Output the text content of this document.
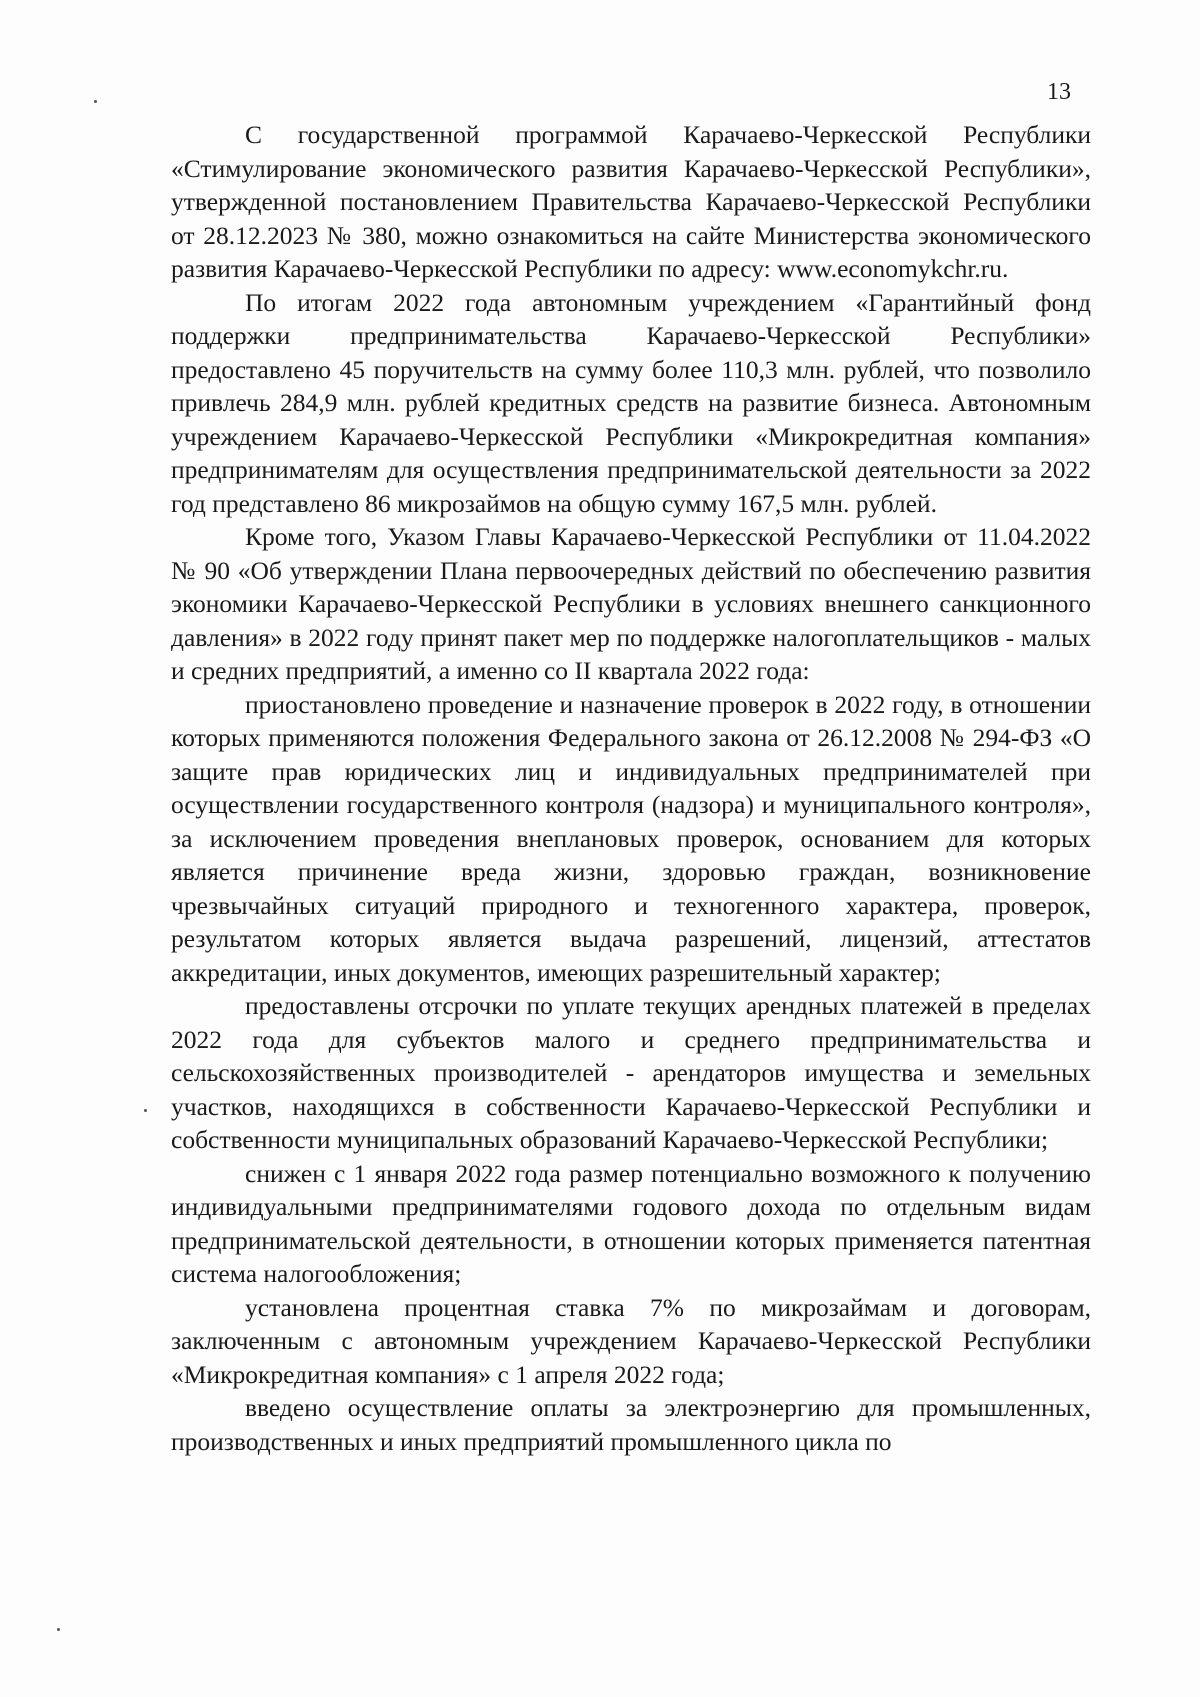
13

С государственной программой Карачаево-Черкесской Республики «Стимулирование экономического развития Карачаево-Черкесской Республики», утвержденной постановлением Правительства Карачаево-Черкесской Республики от 28.12.2023 № 380, можно ознакомиться на сайте Министерства экономического развития Карачаево-Черкесской Республики по адресу: www.economykchr.ru.

По итогам 2022 года автономным учреждением «Гарантийный фонд поддержки предпринимательства Карачаево-Черкесской Республики» предоставлено 45 поручительств на сумму более 110,3 млн. рублей, что позволило привлечь 284,9 млн. рублей кредитных средств на развитие бизнеса. Автономным учреждением Карачаево-Черкесской Республики «Микрокредитная компания» предпринимателям для осуществления предпринимательской деятельности за 2022 год представлено 86 микрозаймов на общую сумму 167,5 млн. рублей.

Кроме того, Указом Главы Карачаево-Черкесской Республики от 11.04.2022 № 90 «Об утверждении Плана первоочередных действий по обеспечению развития экономики Карачаево-Черкесской Республики в условиях внешнего санкционного давления» в 2022 году принят пакет мер по поддержке налогоплательщиков - малых и средних предприятий, а именно со II квартала 2022 года:

приостановлено проведение и назначение проверок в 2022 году, в отношении которых применяются положения Федерального закона от 26.12.2008 № 294-ФЗ «О защите прав юридических лиц и индивидуальных предпринимателей при осуществлении государственного контроля (надзора) и муниципального контроля», за исключением проведения внеплановых проверок, основанием для которых является причинение вреда жизни, здоровью граждан, возникновение чрезвычайных ситуаций природного и техногенного характера, проверок, результатом которых является выдача разрешений, лицензий, аттестатов аккредитации, иных документов, имеющих разрешительный характер;

предоставлены отсрочки по уплате текущих арендных платежей в пределах 2022 года для субъектов малого и среднего предпринимательства и сельскохозяйственных производителей - арендаторов имущества и земельных участков, находящихся в собственности Карачаево-Черкесской Республики и собственности муниципальных образований Карачаево-Черкесской Республики;

снижен с 1 января 2022 года размер потенциально возможного к получению индивидуальными предпринимателями годового дохода по отдельным видам предпринимательской деятельности, в отношении которых применяется патентная система налогообложения;

установлена процентная ставка 7% по микрозаймам и договорам, заключенным с автономным учреждением Карачаево-Черкесской Республики «Микрокредитная компания» с 1 апреля 2022 года;

введено осуществление оплаты за электроэнергию для промышленных, производственных и иных предприятий промышленного цикла по
